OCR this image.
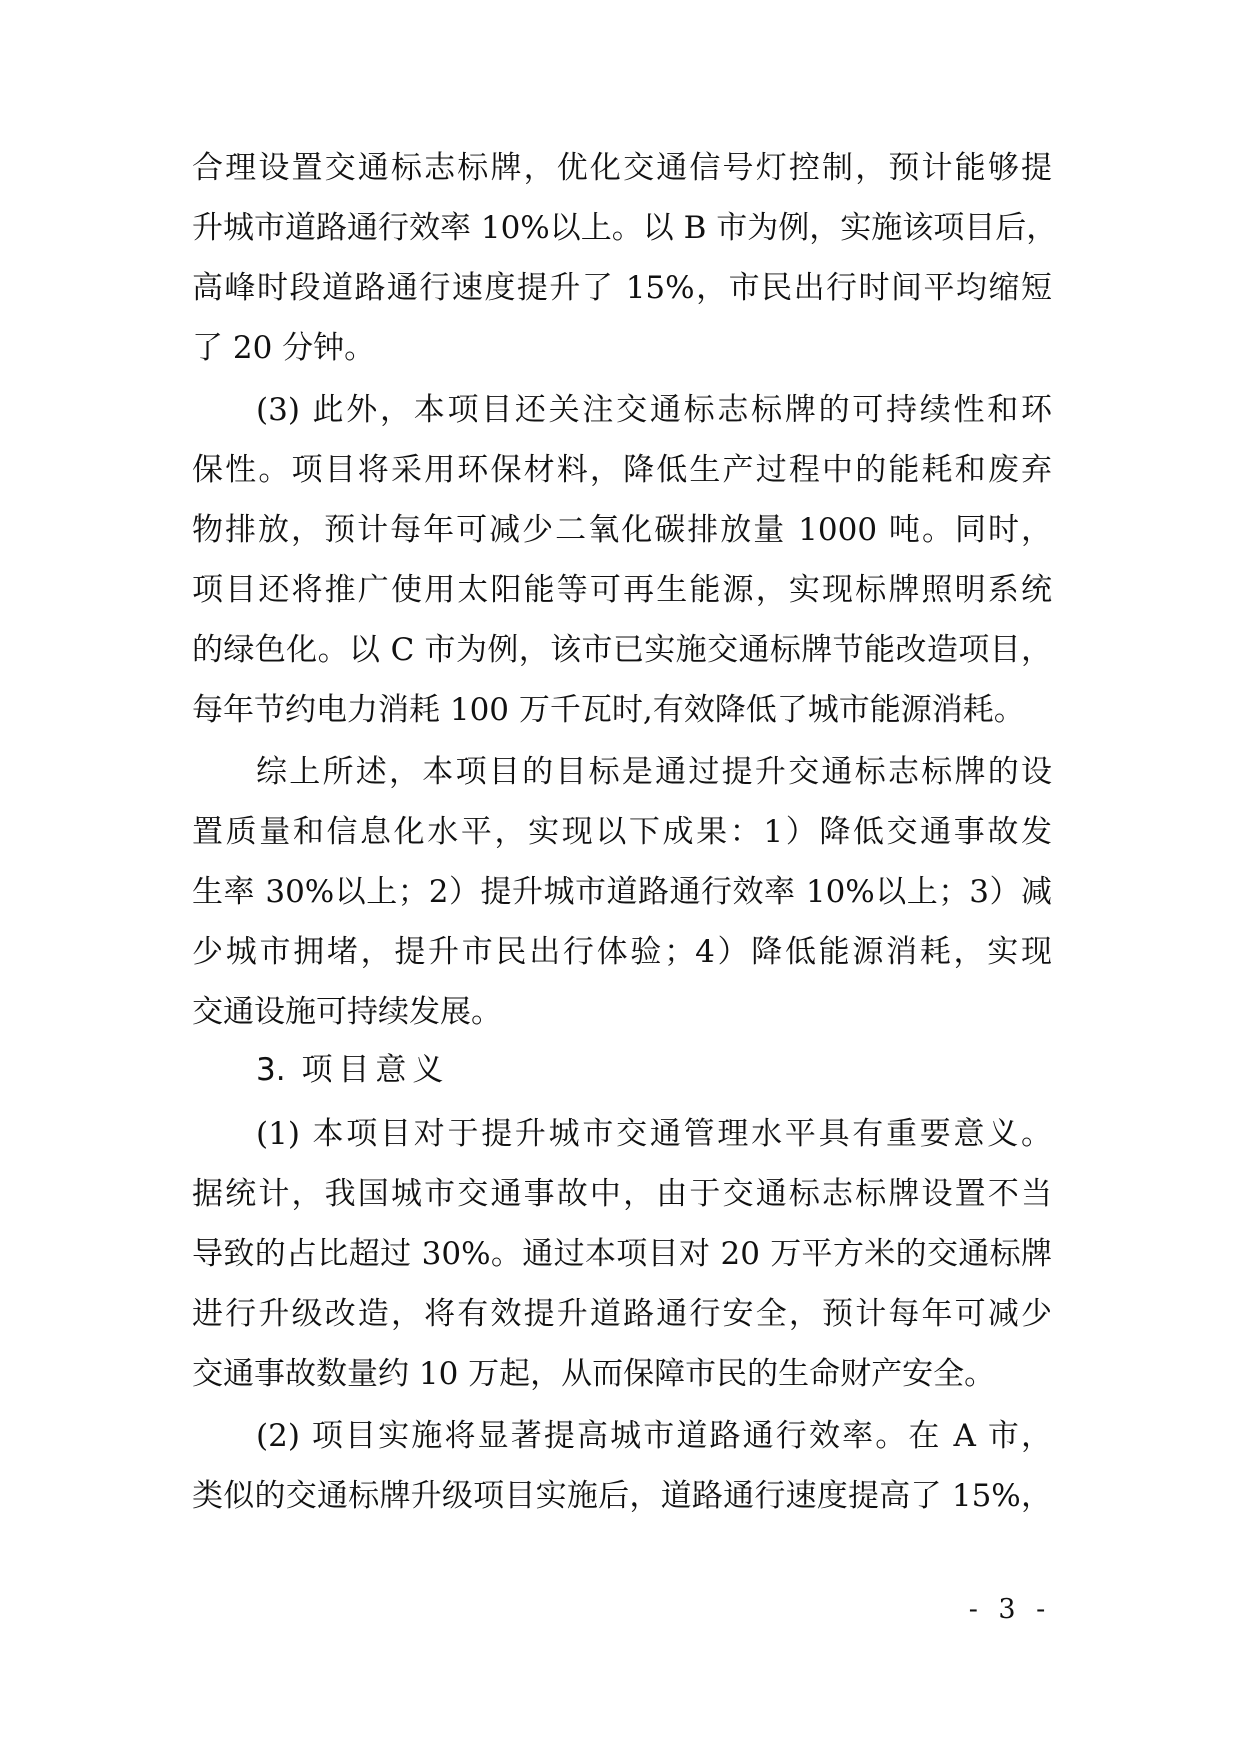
合理设置交通标志标牌，优化交通信号灯控制，预计能够提
升城市道路通行效率 10%以上。以 B 市为例，实施该项目后，
高峰时段道路通行速度提升了 15%，市民出行时间平均缩短
了 20 分钟。
(3) 此外，本项目还关注交通标志标牌的可持续性和环
保性。项目将采用环保材料，降低生产过程中的能耗和废弃
物排放，预计每年可减少二氧化碳排放量 1000 吨。同时，
项目还将推广使用太阳能等可再生能源，实现标牌照明系统
的绿色化。以 C 市为例，该市已实施交通标牌节能改造项目，
每年节约电力消耗 100 万千瓦时,有效降低了城市能源消耗。
综上所述，本项目的目标是通过提升交通标志标牌的设
置质量和信息化水平，实现以下成果：1）降低交通事故发
生率 30%以上；2）提升城市道路通行效率 10%以上；3）减
少城市拥堵，提升市民出行体验；4）降低能源消耗，实现
交通设施可持续发展。
3. 项目意义
(1) 本项目对于提升城市交通管理水平具有重要意义。
据统计，我国城市交通事故中，由于交通标志标牌设置不当
导致的占比超过 30%。通过本项目对 20 万平方米的交通标牌
进行升级改造，将有效提升道路通行安全，预计每年可减少
交通事故数量约 10 万起，从而保障市民的生命财产安全。
(2) 项目实施将显著提高城市道路通行效率。在 A 市，
类似的交通标牌升级项目实施后，道路通行速度提高了 15%，
- 3 -
